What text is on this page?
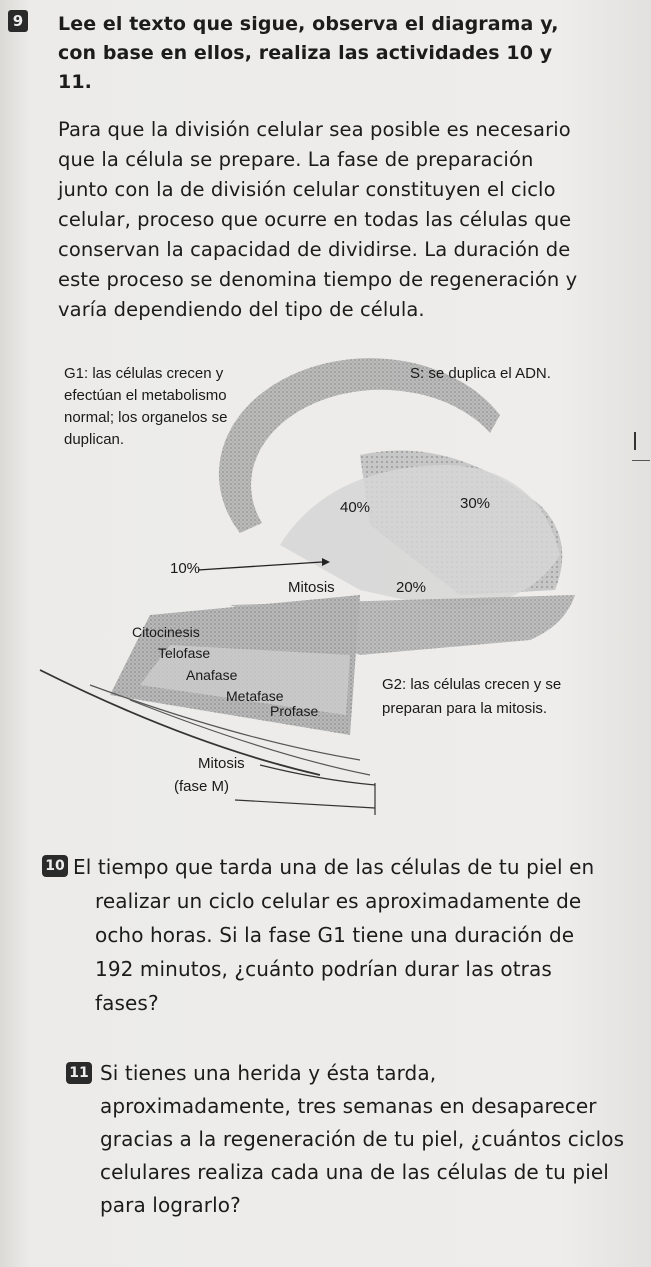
9 Lee el texto que sigue, observa el diagrama y, con base en ellos, realiza las actividades 10 y 11.
Para que la división celular sea posible es necesario que la célula se prepare. La fase de preparación junto con la de división celular constituyen el ciclo celular, proceso que ocurre en todas las células que conservan la capacidad de dividirse. La duración de este proceso se denomina tiempo de regeneración y varía dependiendo del tipo de célula.
G1: las células crecen y efectúan el metabolismo normal; los organelos se duplican.
S: se duplica el ADN.
40%	30%
10%
Mitosis	20%
Citocinesis
Telofase
Anafase
Metafase
Profase
G2: las células crecen y se preparan para la mitosis.
Mitosis
(fase M)
10 El tiempo que tarda una de las células de tu piel en realizar un ciclo celular es aproximadamente de ocho horas. Si la fase G1 tiene una duración de 192 minutos, ¿cuánto podrían durar las otras fases?
11 Si tienes una herida y ésta tarda, aproximadamente, tres semanas en desaparecer gracias a la regeneración de tu piel, ¿cuántos ciclos celulares realiza cada una de las células de tu piel para lograrlo?
